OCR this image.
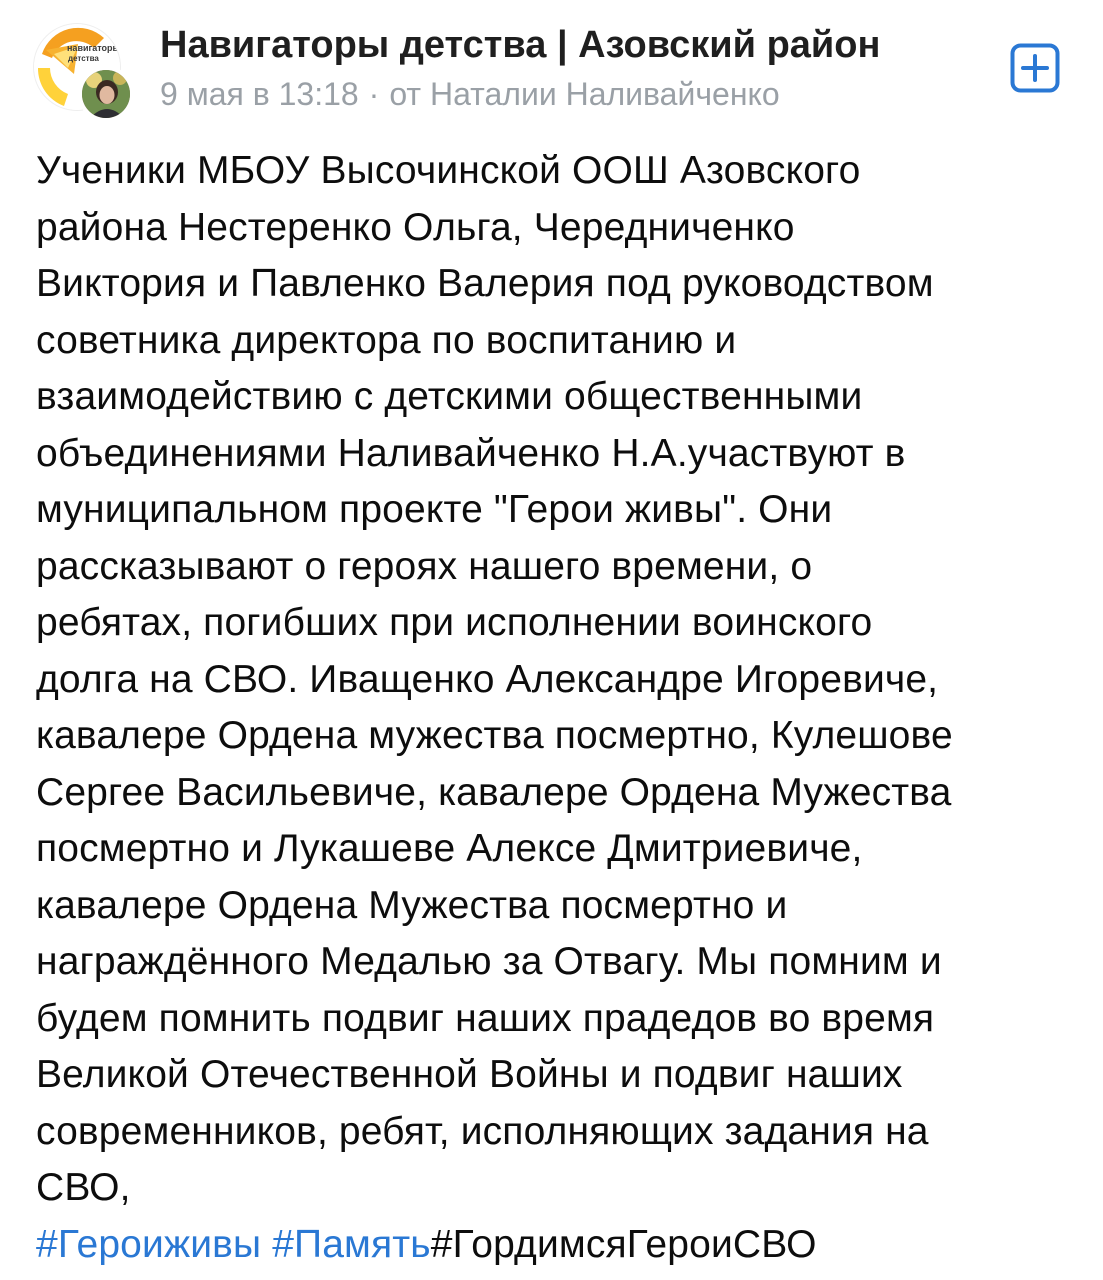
навигаторы
детства Навигаторы детства | Азовский район
9 мая в 13:18 · от Наталии Наливайченко
Ученики МБОУ Высочинской ООШ Азовского
района Нестеренко Ольга, Чередниченко
Виктория и Павленко Валерия под руководством
советника директора по воспитанию и
взаимодействию с детскими общественными
объединениями Наливайченко Н.А.участвуют в
муниципальном проекте "Герои живы". Они
рассказывают о героях нашего времени, о
ребятах, погибших при исполнении воинского
долга на СВО. Иващенко Александре Игоревиче,
кавалере Ордена мужества посмертно, Кулешове
Сергее Васильевиче, кавалере Ордена Мужества
посмертно и Лукашеве Алексе Дмитриевиче,
кавалере Ордена Мужества посмертно и
награждённого Медалью за Отвагу. Мы помним и
будем помнить подвиг наших прадедов во время
Великой Отечественной Войны и подвиг наших
современников, ребят, исполняющих задания на
СВО,
#Героиживы #Память#ГордимсяГероиСВО
